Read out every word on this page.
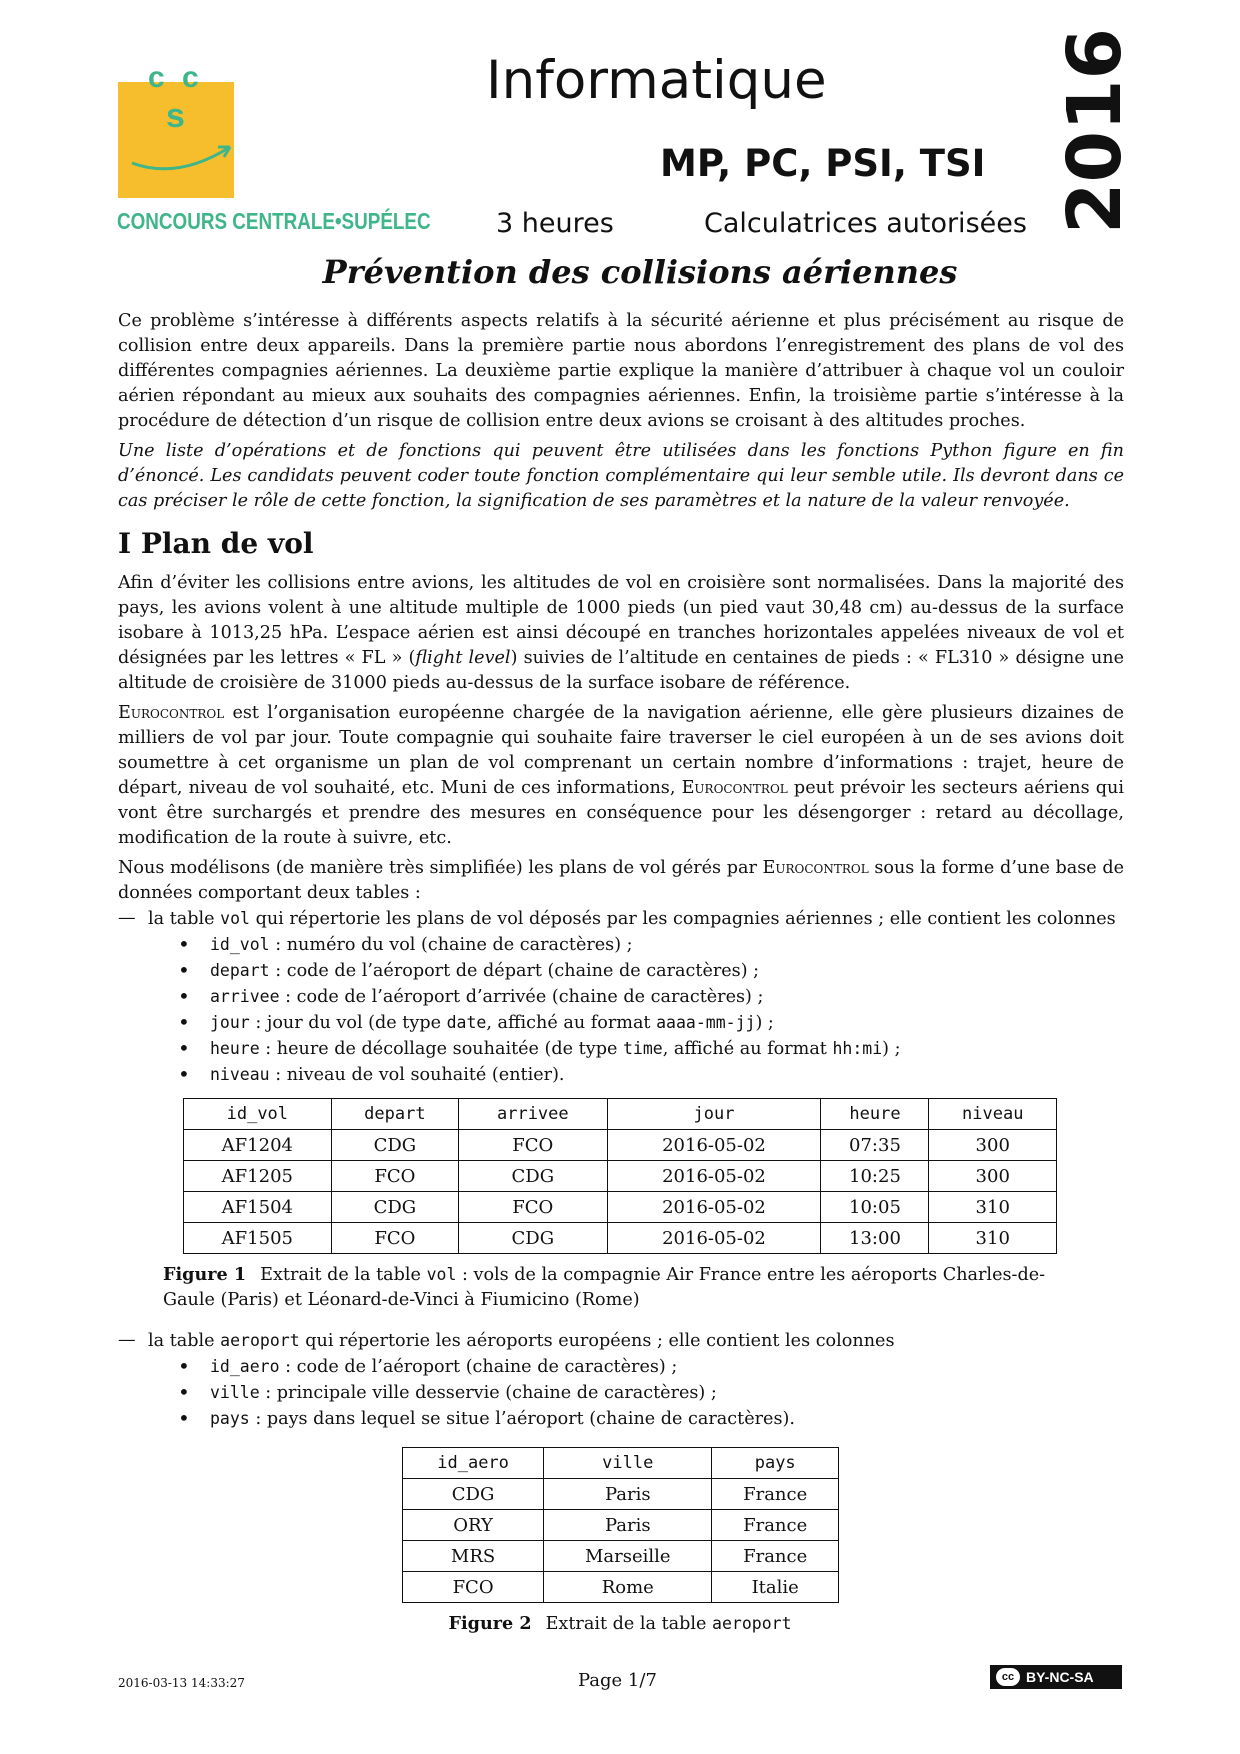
c c
s
CONCOURS CENTRALE•SUPÉLEC
Informatique
MP, PC, PSI, TSI
3 heures	Calculatrices autorisées 2016
Prévention des collisions aériennes

Ce problème s’intéresse à différents aspects relatifs à la sécurité aérienne et plus précisément au risque de collision entre deux appareils. Dans la première partie nous abordons l’enregistrement des plans de vol des différentes compagnies aériennes. La deuxième partie explique la manière d’attribuer à chaque vol un couloir aérien répondant au mieux aux souhaits des compagnies aériennes. Enfin, la troisième partie s’intéresse à la procédure de détection d’un risque de collision entre deux avions se croisant à des altitudes proches.

Une liste d’opérations et de fonctions qui peuvent être utilisées dans les fonctions Python figure en fin d’énoncé. Les candidats peuvent coder toute fonction complémentaire qui leur semble utile. Ils devront dans ce cas préciser le rôle de cette fonction, la signification de ses paramètres et la nature de la valeur renvoyée.

I Plan de vol

Afin d’éviter les collisions entre avions, les altitudes de vol en croisière sont normalisées. Dans la majorité des pays, les avions volent à une altitude multiple de 1000 pieds (un pied vaut 30,48 cm) au-dessus de la surface isobare à 1013,25 hPa. L’espace aérien est ainsi découpé en tranches horizontales appelées niveaux de vol et désignées par les lettres « FL » (flight level) suivies de l’altitude en centaines de pieds : « FL310 » désigne une altitude de croisière de 31000 pieds au-dessus de la surface isobare de référence.

Eurocontrol est l’organisation européenne chargée de la navigation aérienne, elle gère plusieurs dizaines de milliers de vol par jour. Toute compagnie qui souhaite faire traverser le ciel européen à un de ses avions doit soumettre à cet organisme un plan de vol comprenant un certain nombre d’informations : trajet, heure de départ, niveau de vol souhaité, etc. Muni de ces informations, Eurocontrol peut prévoir les secteurs aériens qui vont être surchargés et prendre des mesures en conséquence pour les désengorger : retard au décollage, modification de la route à suivre, etc.

Nous modélisons (de manière très simplifiée) les plans de vol gérés par Eurocontrol sous la forme d’une base de données comportant deux tables :

— la table vol qui répertorie les plans de vol déposés par les compagnies aériennes ; elle contient les colonnes
• id_vol : numéro du vol (chaine de caractères) ;
• depart : code de l’aéroport de départ (chaine de caractères) ;
• arrivee : code de l’aéroport d’arrivée (chaine de caractères) ;
• jour : jour du vol (de type date, affiché au format aaaa-mm-jj) ;
• heure : heure de décollage souhaitée (de type time, affiché au format hh:mi) ;
• niveau : niveau de vol souhaité (entier).
id_vol	depart	arrivee	jour	heure	niveau
AF1204	CDG	FCO	2016-05-02	07:35	300
AF1205	FCO	CDG	2016-05-02	10:25	300
AF1504	CDG	FCO	2016-05-02	10:05	310
AF1505	FCO	CDG	2016-05-02	13:00	310
Figure 1 Extrait de la table vol : vols de la compagnie Air France entre les aéroports Charles-de-Gaule (Paris) et Léonard-de-Vinci à Fiumicino (Rome)
— la table aeroport qui répertorie les aéroports européens ; elle contient les colonnes
• id_aero : code de l’aéroport (chaine de caractères) ;
• ville : principale ville desservie (chaine de caractères) ;
• pays : pays dans lequel se situe l’aéroport (chaine de caractères).
id_aero	ville	pays
CDG	Paris	France
ORY	Paris	France
MRS	Marseille	France
FCO	Rome	Italie
Figure 2 Extrait de la table aeroport
2016-03-13 14:33:27	Page 1/7	cc BY-NC-SA
